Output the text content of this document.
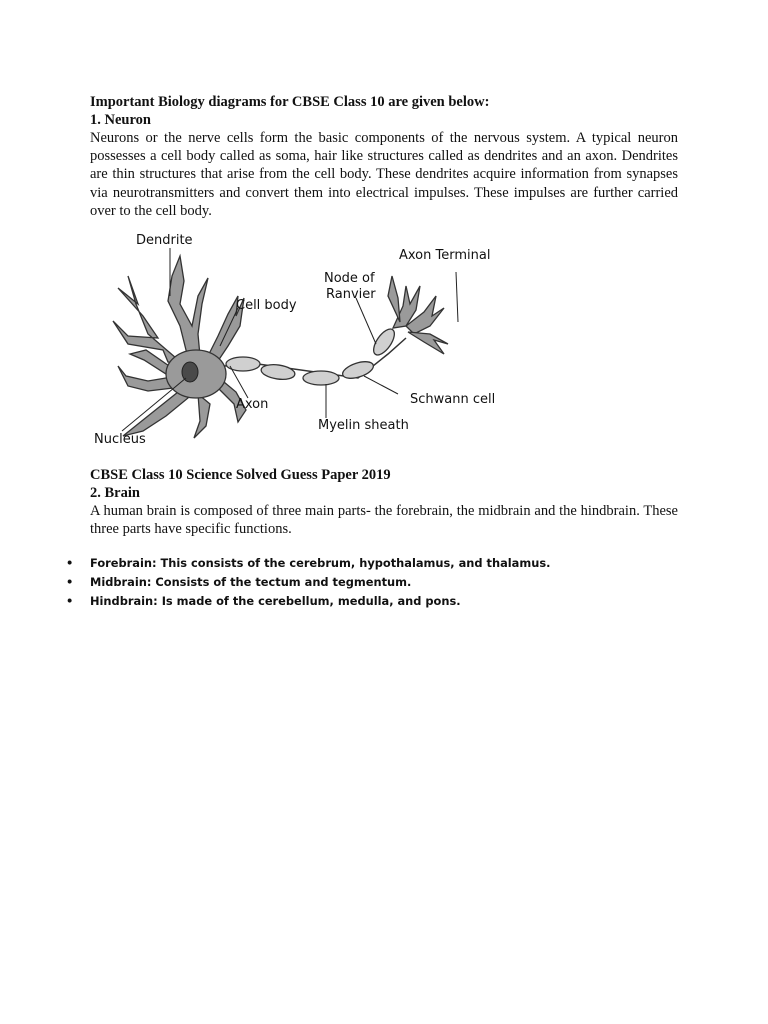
Important Biology diagrams for CBSE Class 10 are given below:
1. Neuron

Neurons or the nerve cells form the basic components of the nervous system. A typical neuron possesses a cell body called as soma, hair like structures called as dendrites and an axon. Dendrites are thin structures that arise from the cell body. These dendrites acquire information from synapses via neurotransmitters and convert them into electrical impulses. These impulses are further carried over to the cell body.

Dendrite
Axon Terminal
Node of
Ranvier
Cell body
Axon	Schwann cell
Myelin sheath
Nucleus
CBSE Class 10 Science Solved Guess Paper 2019
2. Brain

A human brain is composed of three main parts- the forebrain, the midbrain and the hindbrain. These three parts have specific functions.

• Forebrain: This consists of the cerebrum, hypothalamus, and thalamus.
• Midbrain: Consists of the tectum and tegmentum.
• Hindbrain: Is made of the cerebellum, medulla, and pons.
